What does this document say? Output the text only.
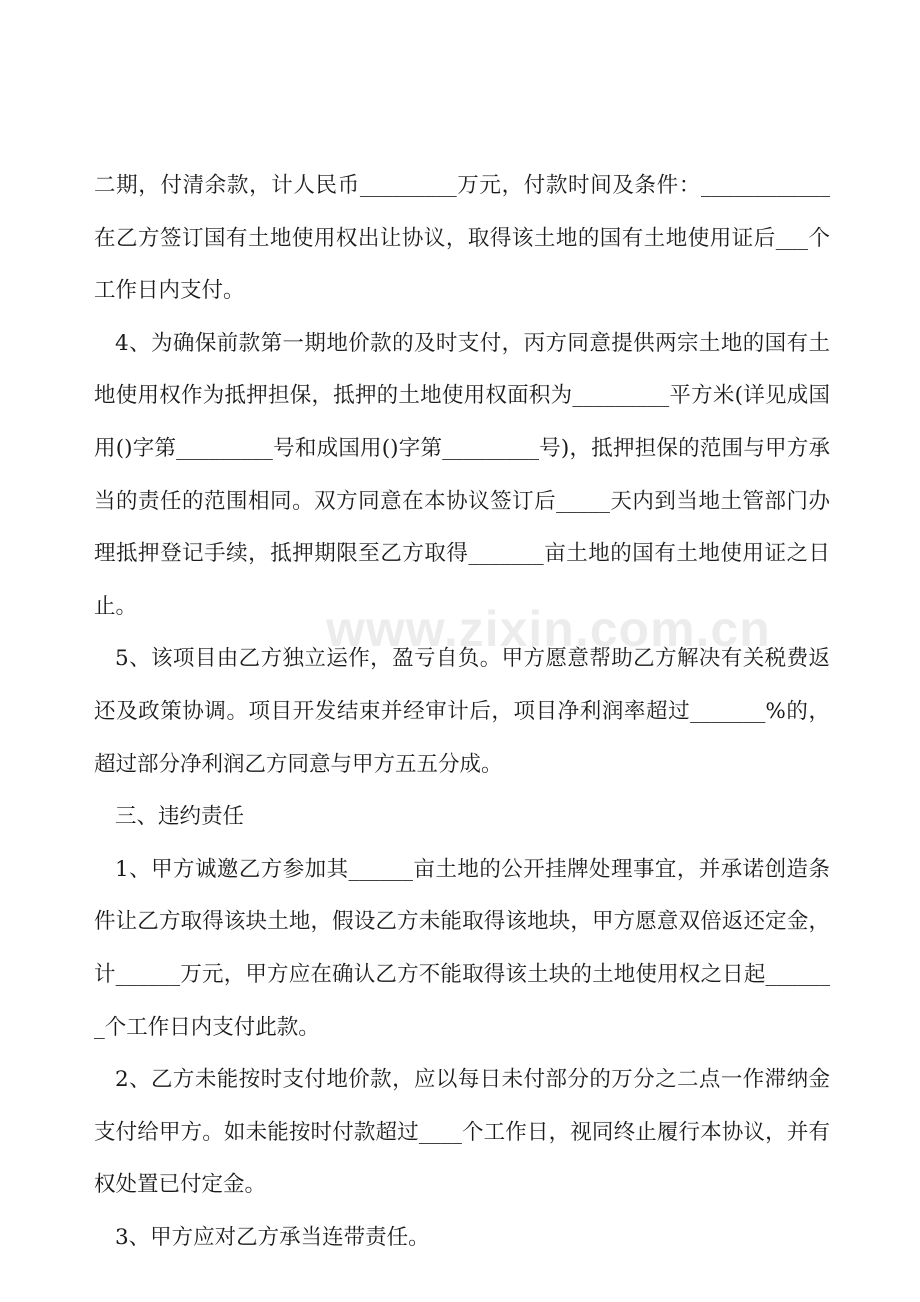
二期，付清余款，计人民币_________万元，付款时间及条件：____________在乙方签订国有土地使用权出让协议，取得该土地的国有土地使用证后___个工作日内支付。

4、为确保前款第一期地价款的及时支付，丙方同意提供两宗土地的国有土地使用权作为抵押担保，抵押的土地使用权面积为_________平方米(详见成国用()字第_________号和成国用()字第_________号)，抵押担保的范围与甲方承当的责任的范围相同。双方同意在本协议签订后_____天内到当地土管部门办理抵押登记手续，抵押期限至乙方取得_______亩土地的国有土地使用证之日止。

5、该项目由乙方独立运作，盈亏自负。甲方愿意帮助乙方解决有关税费返还及政策协调。项目开发结束并经审计后，项目净利润率超过_______%的，超过部分净利润乙方同意与甲方五五分成。

三、违约责任

1、甲方诚邀乙方参加其______亩土地的公开挂牌处理事宜，并承诺创造条件让乙方取得该块土地，假设乙方未能取得该地块，甲方愿意双倍返还定金，计______万元，甲方应在确认乙方不能取得该土块的土地使用权之日起_______个工作日内支付此款。

2、乙方未能按时支付地价款，应以每日未付部分的万分之二点一作滞纳金支付给甲方。如未能按时付款超过____个工作日，视同终止履行本协议，并有权处置已付定金。

3、甲方应对乙方承当连带责任。

www.zixin.com.cn
